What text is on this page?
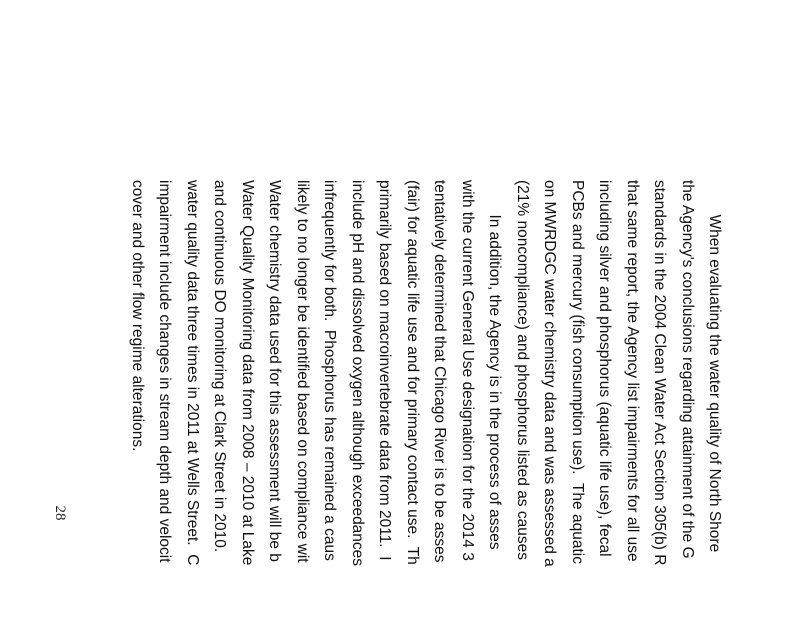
When evaluating the water quality of North Shore
the Agency's conclusions regarding attainment of the G
standards in the 2004 Clean Water Act Section 305(b) R
that same report, the Agency list impairments for all use
including silver and phosphorus (aquatic life use), fecal
PCBs and mercury (fish consumption use).  The aquatic
on MWRDGC water chemistry data and was assessed a
(21% noncompliance) and phosphorus listed as causes
In addition, the Agency is in the process of asses
with the current General Use designation for the 2014 3
tentatively determined that Chicago River is to be asses
(fair) for aquatic life use and for primary contact use.  Th
primarily based on macroinvertebrate data from 2011.  I
include pH and dissolved oxygen although exceedances
infrequently for both.  Phosphorus has remained a caus
likely to no longer be identified based on compliance wit
Water chemistry data used for this assessment will be b
Water Quality Monitoring data from 2008 – 2010 at Lake
and continuous DO monitoring at Clark Street in 2010.
water quality data three times in 2011 at Wells Street.  C
impairment include changes in stream depth and velocit
cover and other flow regime alterations.
28
